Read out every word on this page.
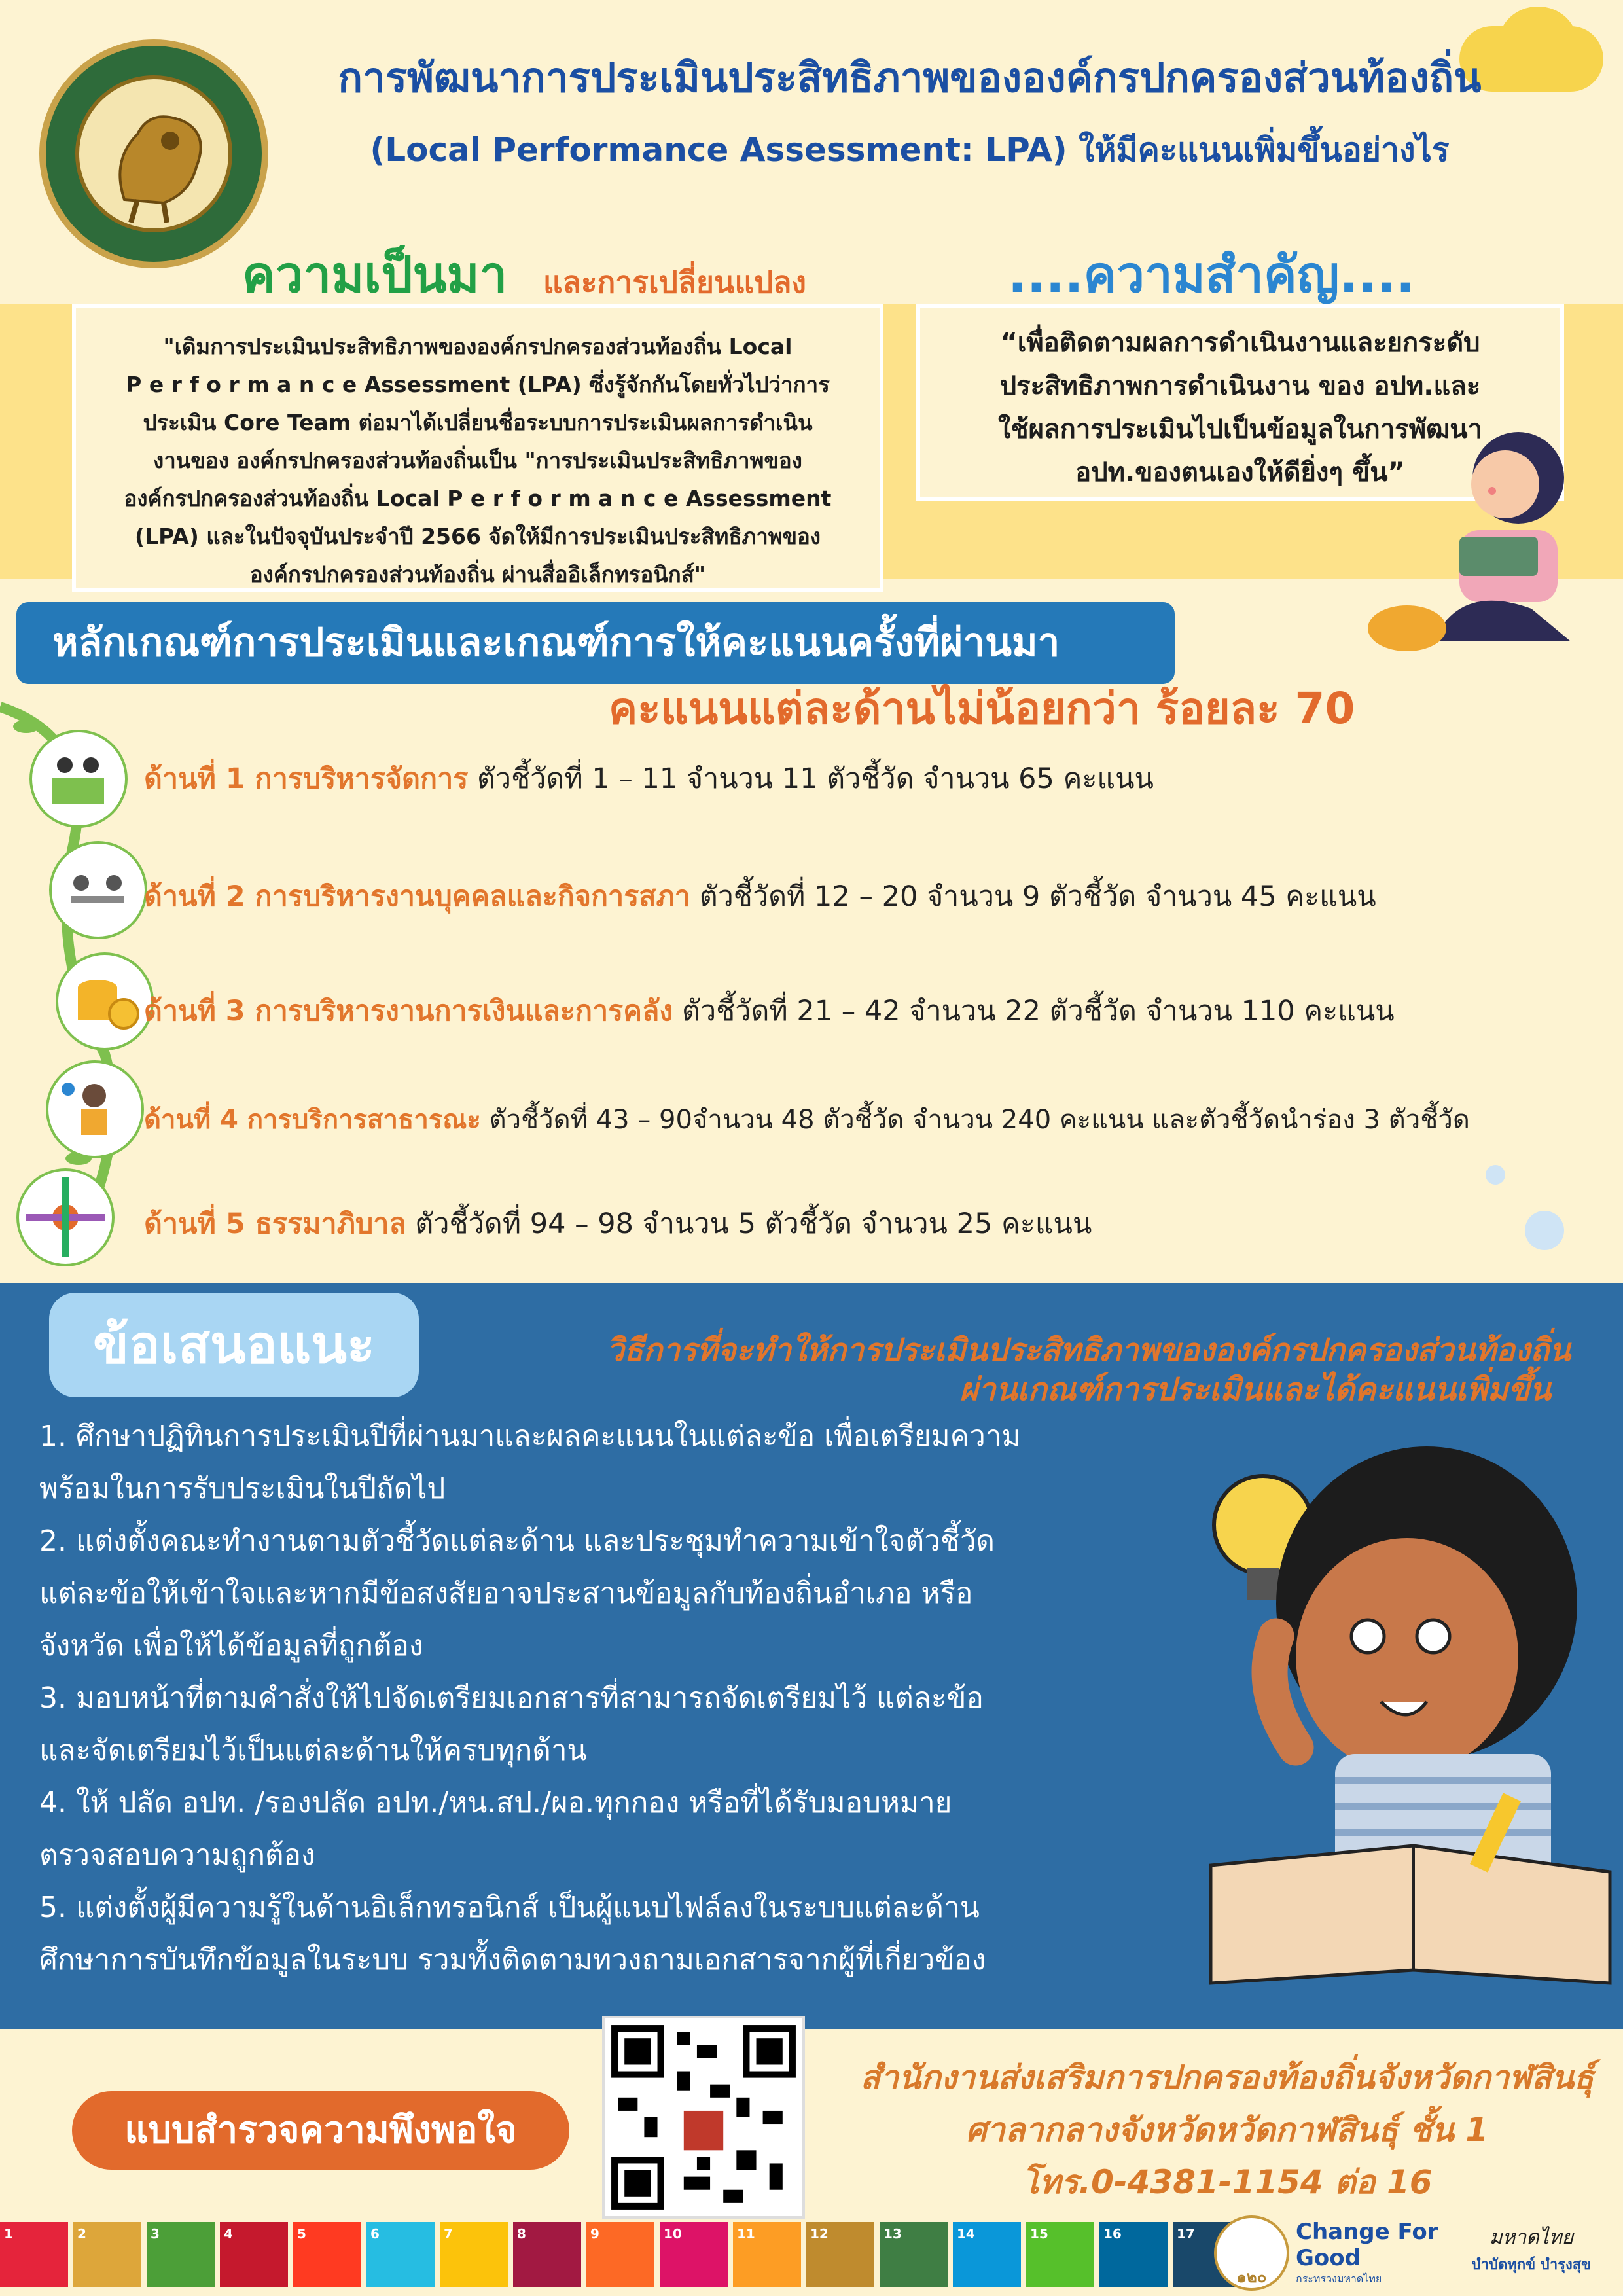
การพัฒนาการประเมินประสิทธิภาพขององค์กรปกครองส่วนท้องถิ่น
(Local Performance Assessment: LPA) ให้มีคะแนนเพิ่มขึ้นอย่างไร
ความเป็นมา และการเปลี่ยนแปลง	....ความสำคัญ....
"เดิมการประเมินประสิทธิภาพขององค์กรปกครองส่วนท้องถิ่น Local
P e r f o r m a n c e Assessment (LPA) ซึ่งรู้จักกันโดยทั่วไปว่าการ
ประเมิน Core Team ต่อมาได้เปลี่ยนชื่อระบบการประเมินผลการดำเนิน
งานของ องค์กรปกครองส่วนท้องถิ่นเป็น "การประเมินประสิทธิภาพของ
องค์กรปกครองส่วนท้องถิ่น Local P e r f o r m a n c e Assessment
(LPA) และในปัจจุบันประจำปี 2566 จัดให้มีการประเมินประสิทธิภาพของ
องค์กรปกครองส่วนท้องถิ่น ผ่านสื่ออิเล็กทรอนิกส์"
“เพื่อติดตามผลการดำเนินงานและยกระดับ
ประสิทธิภาพการดำเนินงาน ของ อปท.และ
ใช้ผลการประเมินไปเป็นข้อมูลในการพัฒนา
อปท.ของตนเองให้ดียิ่งๆ ขึ้น”
หลักเกณฑ์การประเมินและเกณฑ์การให้คะแนนครั้งที่ผ่านมา
คะแนนแต่ละด้านไม่น้อยกว่า ร้อยละ 70
ด้านที่ 1 การบริหารจัดการ ตัวชี้วัดที่ 1 – 11 จำนวน 11 ตัวชี้วัด จำนวน 65 คะแนน
ด้านที่ 2 การบริหารงานบุคคลและกิจการสภา ตัวชี้วัดที่ 12 – 20 จำนวน 9 ตัวชี้วัด จำนวน 45 คะแนน
ด้านที่ 3 การบริหารงานการเงินและการคลัง ตัวชี้วัดที่ 21 – 42 จำนวน 22 ตัวชี้วัด จำนวน 110 คะแนน
ด้านที่ 4 การบริการสาธารณะ ตัวชี้วัดที่ 43 – 90จำนวน 48 ตัวชี้วัด จำนวน 240 คะแนน และตัวชี้วัดนำร่อง 3 ตัวชี้วัด
ด้านที่ 5 ธรรมาภิบาล ตัวชี้วัดที่ 94 – 98 จำนวน 5 ตัวชี้วัด จำนวน 25 คะแนน
ข้อเสนอแนะ	วิธีการที่จะทำให้การประเมินประสิทธิภาพขององค์กรปกครองส่วนท้องถิ่น
ผ่านเกณฑ์การประเมินและได้คะแนนเพิ่มขึ้น

1. ศึกษาปฏิทินการประเมินปีที่ผ่านมาและผลคะแนนในแต่ละข้อ เพื่อเตรียมความ

พร้อมในการรับประเมินในปีถัดไป

2. แต่งตั้งคณะทำงานตามตัวชี้วัดแต่ละด้าน และประชุมทำความเข้าใจตัวชี้วัด

แต่ละข้อให้เข้าใจและหากมีข้อสงสัยอาจประสานข้อมูลกับท้องถิ่นอำเภอ หรือ

จังหวัด เพื่อให้ได้ข้อมูลที่ถูกต้อง

3. มอบหน้าที่ตามคำสั่งให้ไปจัดเตรียมเอกสารที่สามารถจัดเตรียมไว้ แต่ละข้อ

และจัดเตรียมไว้เป็นแต่ละด้านให้ครบทุกด้าน

4. ให้ ปลัด อปท. /รองปลัด อปท./หน.สป./ผอ.ทุกกอง หรือที่ได้รับมอบหมาย

ตรวจสอบความถูกต้อง

5. แต่งตั้งผู้มีความรู้ในด้านอิเล็กทรอนิกส์ เป็นผู้แนบไฟล์ลงในระบบแต่ละด้าน

ศึกษาการบันทึกข้อมูลในระบบ รวมทั้งติดตามทวงถามเอกสารจากผู้ที่เกี่ยวข้อง

แบบสำรวจความพึงพอใจ
สำนักงานส่งเสริมการปกครองท้องถิ่นจังหวัดกาฬสินธุ์
ศาลากลางจังหวัดหวัดกาฬสินธุ์ ชั้น 1
โทร.0-4381-1154 ต่อ 16
1	2	3	4	5	6	7	8	9	10	11	12	13	14	15	16	17
๑๒๐
Change For Good
กระทรวงมหาดไทย
มหาดไทย
บำบัดทุกข์ บำรุงสุข
